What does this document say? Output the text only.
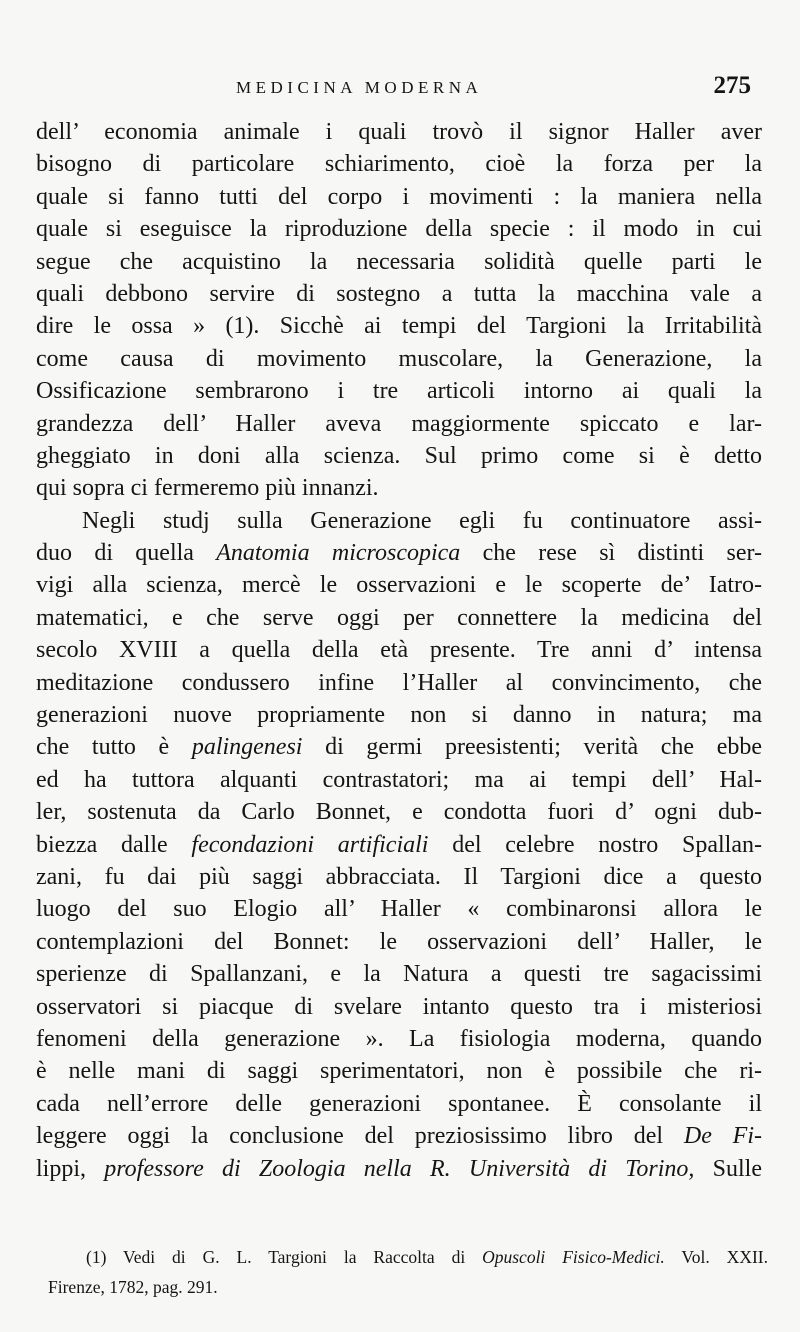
MEDICINA MODERNA	275
dell’ economia animale i quali trovò il signor Haller aver
bisogno di particolare schiarimento, cioè la forza per la
quale si fanno tutti del corpo i movimenti : la maniera nella
quale si eseguisce la riproduzione della specie : il modo in cui
segue che acquistino la necessaria solidità quelle parti le
quali debbono servire di sostegno a tutta la macchina vale a
dire le ossa » (1). Sicchè ai tempi del Targioni la Irritabilità
come causa di movimento muscolare, la Generazione, la
Ossificazione sembrarono i tre articoli intorno ai quali la
grandezza dell’ Haller aveva maggiormente spiccato e lar-
gheggiato in doni alla scienza. Sul primo come si è detto
qui sopra ci fermeremo più innanzi.
Negli studj sulla Generazione egli fu continuatore assi-
duo di quella Anatomia microscopica che rese sì distinti ser-
vigi alla scienza, mercè le osservazioni e le scoperte de’ Iatro-
matematici, e che serve oggi per connettere la medicina del
secolo XVIII a quella della età presente. Tre anni d’ intensa
meditazione condussero infine l’Haller al convincimento, che
generazioni nuove propriamente non si danno in natura; ma
che tutto è palingenesi di germi preesistenti; verità che ebbe
ed ha tuttora alquanti contrastatori; ma ai tempi dell’ Hal-
ler, sostenuta da Carlo Bonnet, e condotta fuori d’ ogni dub-
biezza dalle fecondazioni artificiali del celebre nostro Spallan-
zani, fu dai più saggi abbracciata. Il Targioni dice a questo
luogo del suo Elogio all’ Haller « combinaronsi allora le
contemplazioni del Bonnet: le osservazioni dell’ Haller, le
sperienze di Spallanzani, e la Natura a questi tre sagacissimi
osservatori si piacque di svelare intanto questo tra i misteriosi
fenomeni della generazione ». La fisiologia moderna, quando
è nelle mani di saggi sperimentatori, non è possibile che ri-
cada nell’errore delle generazioni spontanee. È consolante il
leggere oggi la conclusione del preziosissimo libro del De Fi-
lippi, professore di Zoologia nella R. Università di Torino, Sulle
(1) Vedi di G. L. Targioni la Raccolta di Opuscoli Fisico-Medici. Vol. XXII.
Firenze, 1782, pag. 291.
